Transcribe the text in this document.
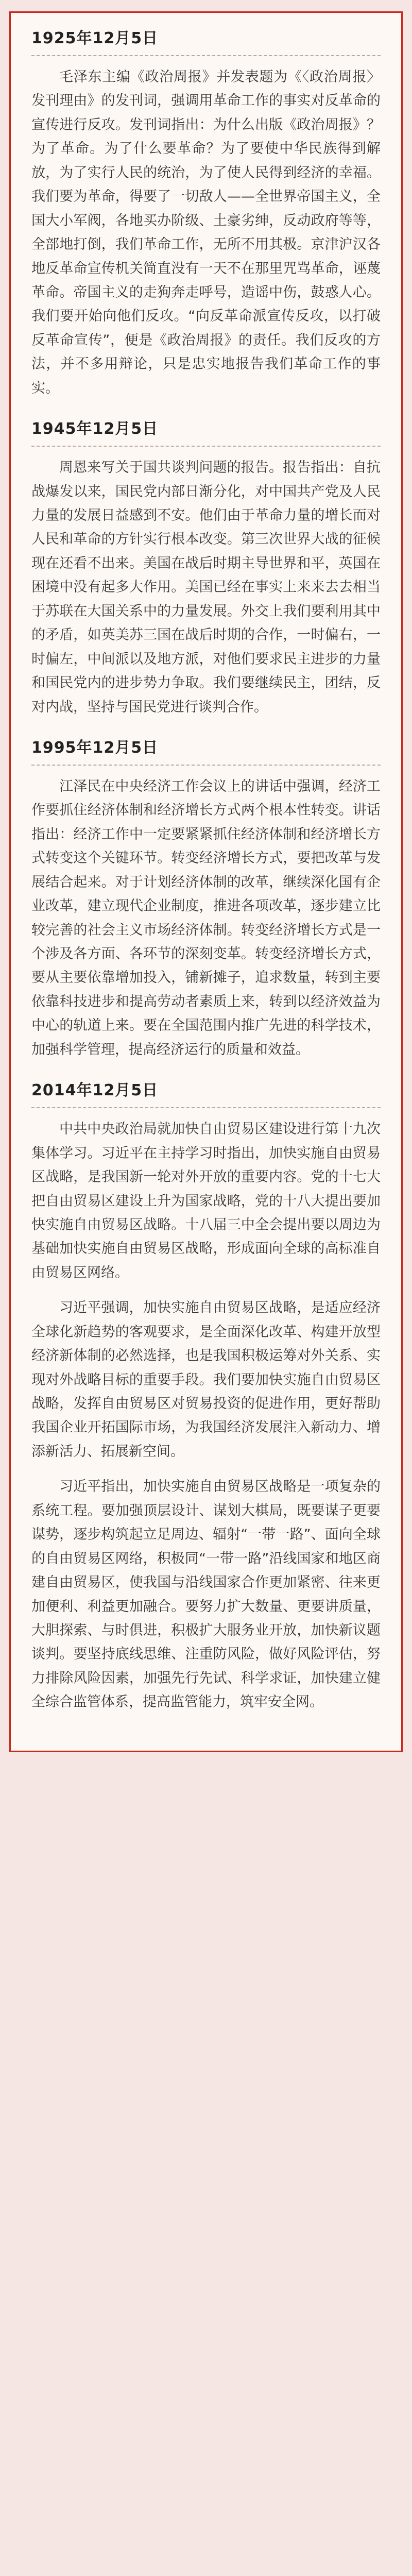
1925年12月5日

毛泽东主编《政治周报》并发表题为《〈政治周报〉发刊理由》的发刊词，强调用革命工作的事实对反革命的宣传进行反攻。发刊词指出：为什么出版《政治周报》？为了革命。为了什么要革命？为了要使中华民族得到解放，为了实行人民的统治，为了使人民得到经济的幸福。我们要为革命，得要了一切敌人——全世界帝国主义，全国大小军阀，各地买办阶级、土豪劣绅，反动政府等等，全部地打倒，我们革命工作，无所不用其极。京津沪汉各地反革命宣传机关简直没有一天不在那里咒骂革命，诬蔑革命。帝国主义的走狗奔走呼号，造谣中伤，鼓惑人心。我们要开始向他们反攻。“向反革命派宣传反攻，以打破反革命宣传”，便是《政治周报》的责任。我们反攻的方法，并不多用辩论，只是忠实地报告我们革命工作的事实。

1945年12月5日

周恩来写关于国共谈判问题的报告。报告指出：自抗战爆发以来，国民党内部日渐分化，对中国共产党及人民力量的发展日益感到不安。他们由于革命力量的增长而对人民和革命的方针实行根本改变。第三次世界大战的征候现在还看不出来。美国在战后时期主导世界和平，英国在困境中没有起多大作用。美国已经在事实上来来去去相当于苏联在大国关系中的力量发展。外交上我们要利用其中的矛盾，如英美苏三国在战后时期的合作，一时偏右，一时偏左，中间派以及地方派，对他们要求民主进步的力量和国民党内的进步势力争取。我们要继续民主，团结，反对内战，坚持与国民党进行谈判合作。

1995年12月5日

江泽民在中央经济工作会议上的讲话中强调，经济工作要抓住经济体制和经济增长方式两个根本性转变。讲话指出：经济工作中一定要紧紧抓住经济体制和经济增长方式转变这个关键环节。转变经济增长方式，要把改革与发展结合起来。对于计划经济体制的改革，继续深化国有企业改革，建立现代企业制度，推进各项改革，逐步建立比较完善的社会主义市场经济体制。转变经济增长方式是一个涉及各方面、各环节的深刻变革。转变经济增长方式，要从主要依靠增加投入，铺新摊子，追求数量，转到主要依靠科技进步和提高劳动者素质上来，转到以经济效益为中心的轨道上来。要在全国范围内推广先进的科学技术，加强科学管理，提高经济运行的质量和效益。

2014年12月5日

中共中央政治局就加快自由贸易区建设进行第十九次集体学习。习近平在主持学习时指出，加快实施自由贸易区战略，是我国新一轮对外开放的重要内容。党的十七大把自由贸易区建设上升为国家战略，党的十八大提出要加快实施自由贸易区战略。十八届三中全会提出要以周边为基础加快实施自由贸易区战略，形成面向全球的高标准自由贸易区网络。

习近平强调，加快实施自由贸易区战略，是适应经济全球化新趋势的客观要求，是全面深化改革、构建开放型经济新体制的必然选择，也是我国积极运筹对外关系、实现对外战略目标的重要手段。我们要加快实施自由贸易区战略，发挥自由贸易区对贸易投资的促进作用，更好帮助我国企业开拓国际市场，为我国经济发展注入新动力、增添新活力、拓展新空间。

习近平指出，加快实施自由贸易区战略是一项复杂的系统工程。要加强顶层设计、谋划大棋局，既要谋子更要谋势，逐步构筑起立足周边、辐射“一带一路”、面向全球的自由贸易区网络，积极同“一带一路”沿线国家和地区商建自由贸易区，使我国与沿线国家合作更加紧密、往来更加便利、利益更加融合。要努力扩大数量、更要讲质量，大胆探索、与时俱进，积极扩大服务业开放，加快新议题谈判。要坚持底线思维、注重防风险，做好风险评估，努力排除风险因素，加强先行先试、科学求证，加快建立健全综合监管体系，提高监管能力，筑牢安全网。
